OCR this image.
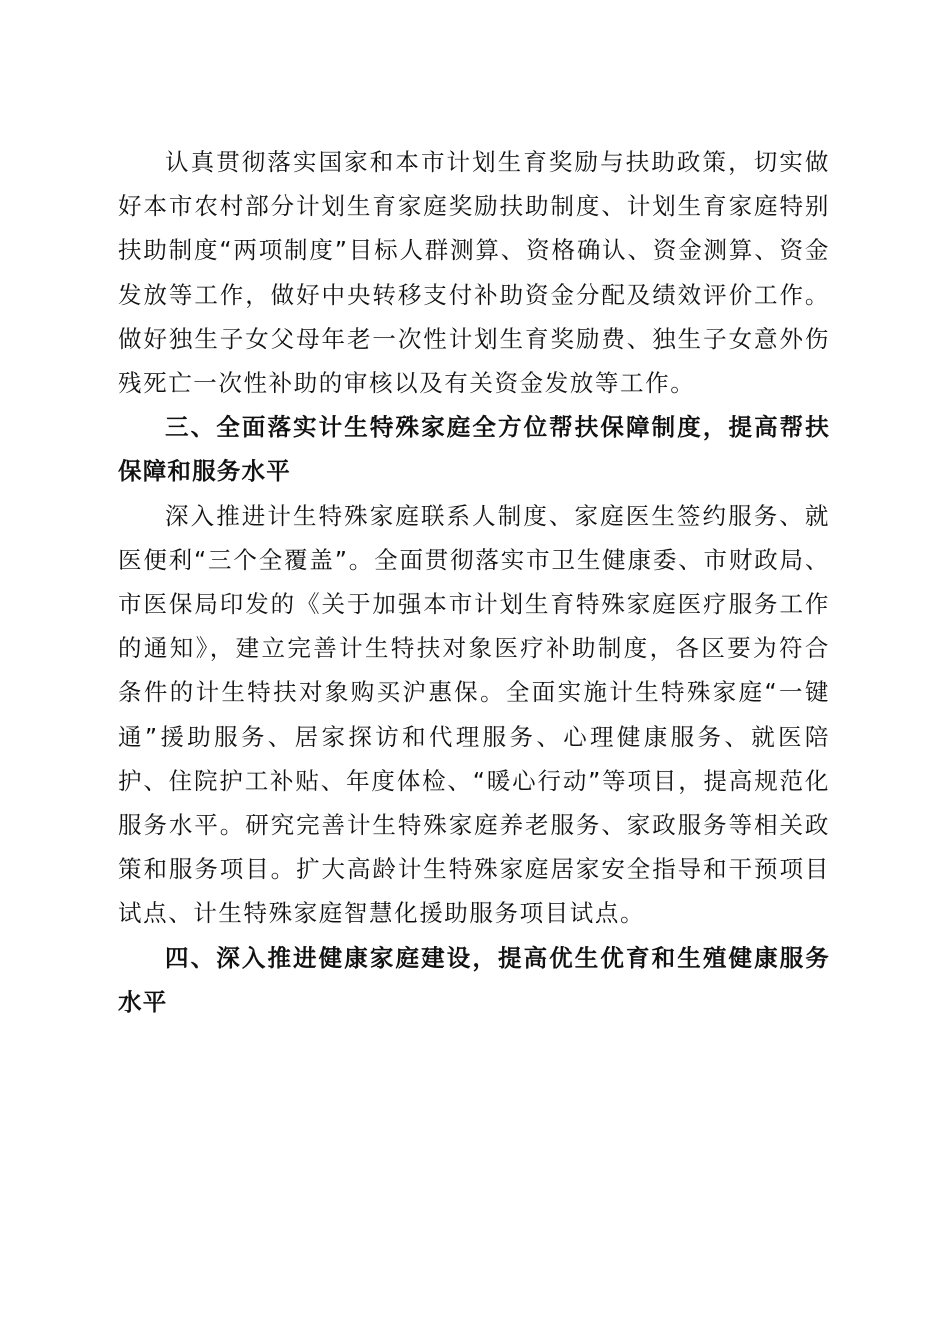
认真贯彻落实国家和本市计划生育奖励与扶助政策，切实做好本市农村部分计划生育家庭奖励扶助制度、计划生育家庭特别扶助制度“两项制度”目标人群测算、资格确认、资金测算、资金发放等工作，做好中央转移支付补助资金分配及绩效评价工作。做好独生子女父母年老一次性计划生育奖励费、独生子女意外伤残死亡一次性补助的审核以及有关资金发放等工作。

三、全面落实计生特殊家庭全方位帮扶保障制度，提高帮扶保障和服务水平

深入推进计生特殊家庭联系人制度、家庭医生签约服务、就医便利“三个全覆盖”。全面贯彻落实市卫生健康委、市财政局、市医保局印发的《关于加强本市计划生育特殊家庭医疗服务工作的通知》，建立完善计生特扶对象医疗补助制度，各区要为符合条件的计生特扶对象购买沪惠保。全面实施计生特殊家庭“一键通”援助服务、居家探访和代理服务、心理健康服务、就医陪护、住院护工补贴、年度体检、“暖心行动”等项目，提高规范化服务水平。研究完善计生特殊家庭养老服务、家政服务等相关政策和服务项目。扩大高龄计生特殊家庭居家安全指导和干预项目试点、计生特殊家庭智慧化援助服务项目试点。

四、深入推进健康家庭建设，提高优生优育和生殖健康服务水平
